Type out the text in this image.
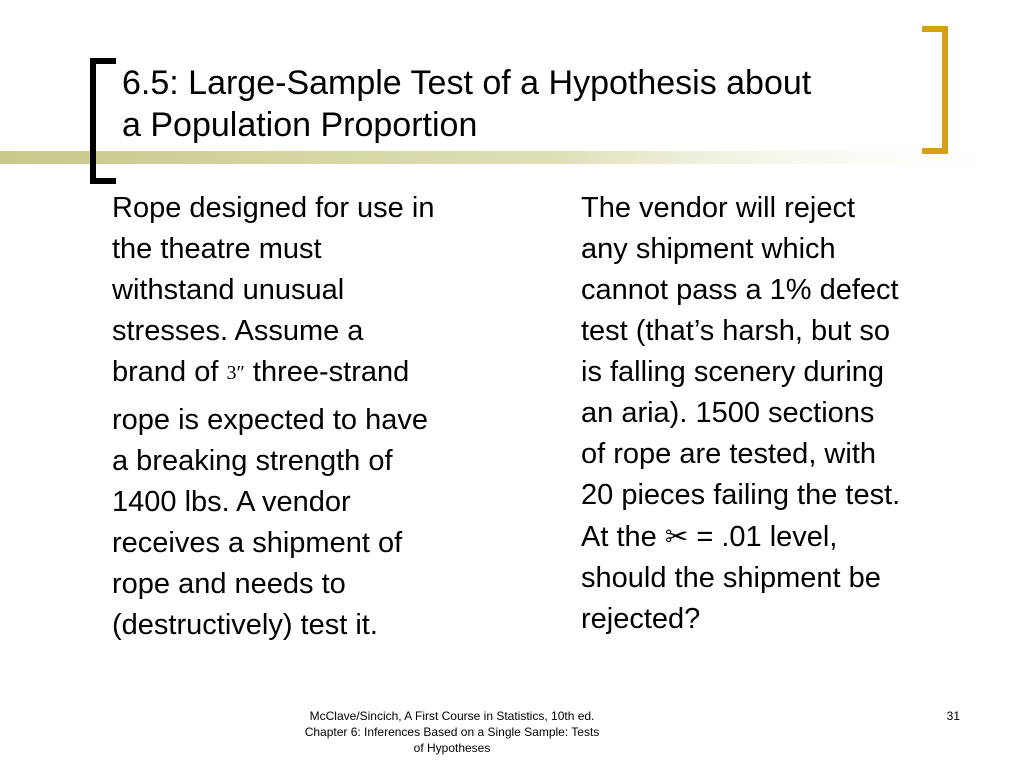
6.5: Large-Sample Test of a Hypothesis about
a Population Proportion

Rope designed for use in
the theatre must
withstand unusual
stresses. Assume a
brand of 3″ three-strand

rope is expected to have
a breaking strength of
1400 lbs. A vendor
receives a shipment of
rope and needs to
(destructively) test it.

The vendor will reject
any shipment which
cannot pass a 1% defect
test (that’s harsh, but so
is falling scenery during
an aria). 1500 sections
of rope are tested, with
20 pieces failing the test.
At the ✂ = .01 level,
should the shipment be
rejected?

McClave/Sincich, A First Course in Statistics, 10th ed.
Chapter 6: Inferences Based on a Single Sample: Tests
of Hypotheses
31
